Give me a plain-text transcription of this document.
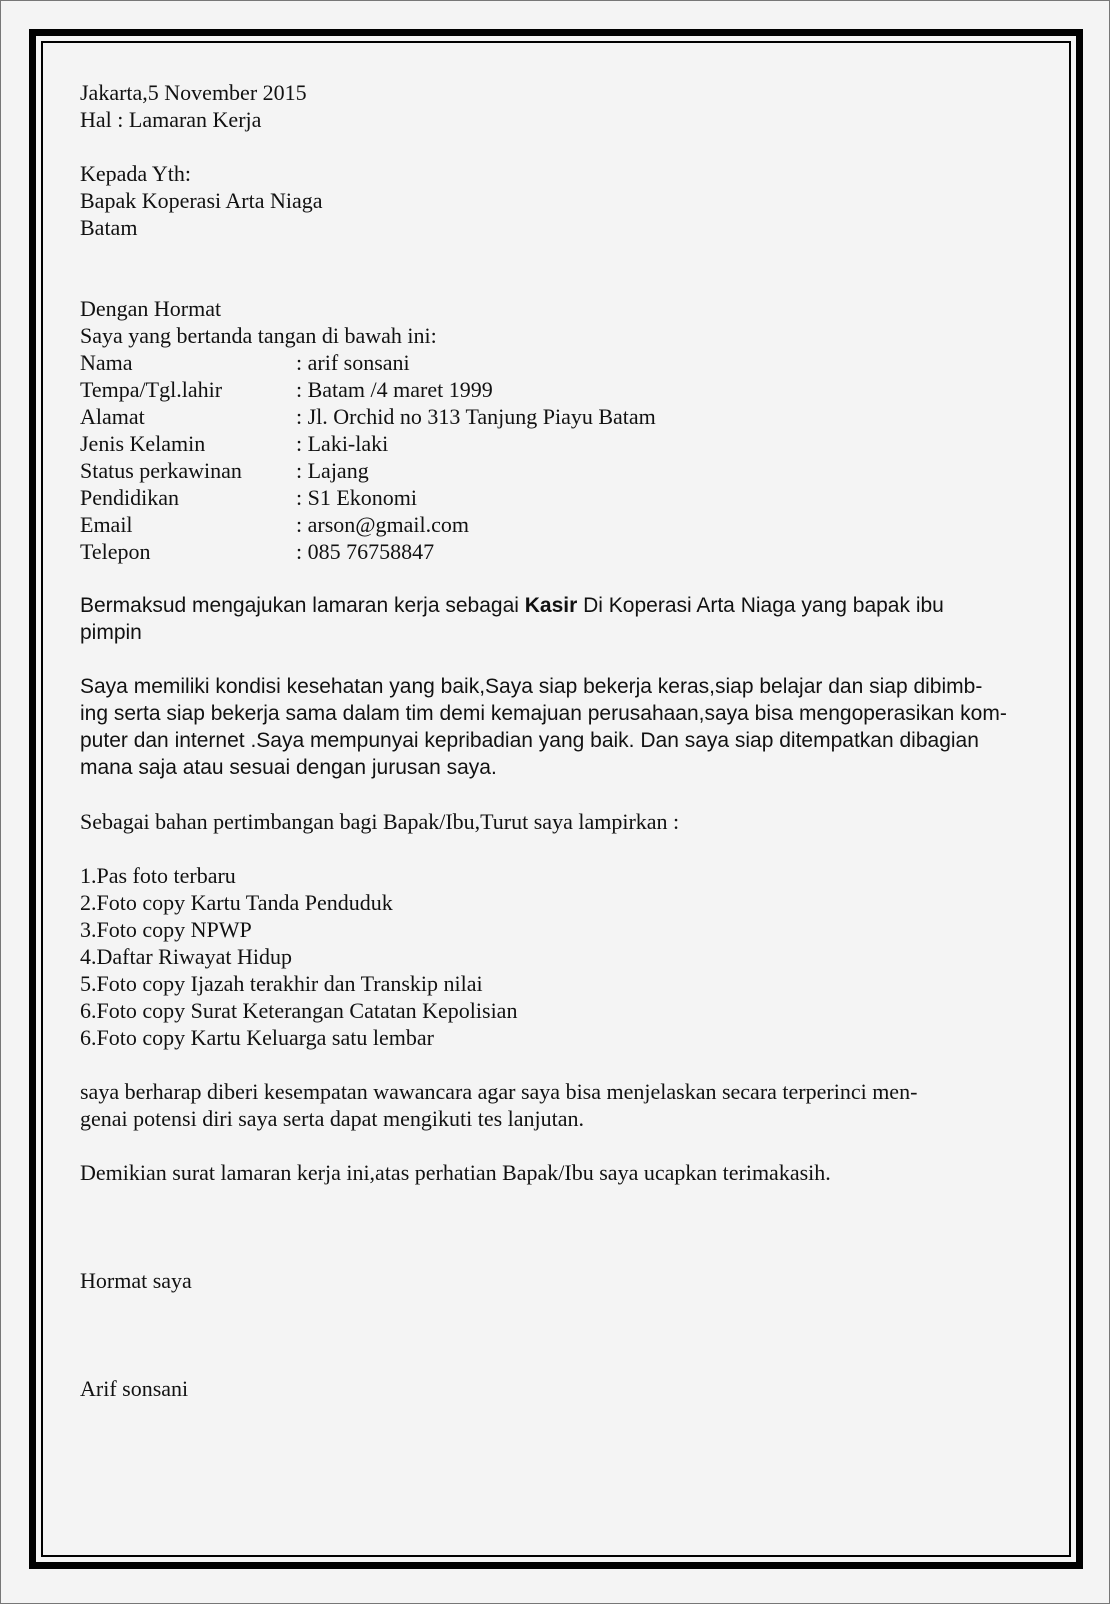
Jakarta,5 November 2015
Hal : Lamaran Kerja
Kepada Yth:
Bapak Koperasi Arta Niaga
Batam
Dengan Hormat
Saya yang bertanda tangan di bawah ini:
Nama	: arif sonsani
Tempa/Tgl.lahir	: Batam /4 maret 1999
Alamat	: Jl. Orchid no 313 Tanjung Piayu Batam
Jenis Kelamin	: Laki-laki
Status perkawinan	: Lajang
Pendidikan	: S1 Ekonomi
Email	: arson@gmail.com
Telepon	: 085 76758847
Bermaksud mengajukan lamaran kerja sebagai Kasir Di Koperasi Arta Niaga yang bapak ibu pimpin
Saya memiliki kondisi kesehatan yang baik,Saya siap bekerja keras,siap belajar dan siap dibimb-
ing serta siap bekerja sama dalam tim demi kemajuan perusahaan,saya bisa mengoperasikan kom-
puter dan internet .Saya mempunyai kepribadian yang baik. Dan saya siap ditempatkan dibagian
mana saja atau sesuai dengan jurusan saya.
Sebagai bahan pertimbangan bagi Bapak/Ibu,Turut saya lampirkan :
1.Pas foto terbaru
2.Foto copy Kartu Tanda Penduduk
3.Foto copy NPWP
4.Daftar Riwayat Hidup
5.Foto copy Ijazah terakhir dan Transkip nilai
6.Foto copy Surat Keterangan Catatan Kepolisian
6.Foto copy Kartu Keluarga satu lembar
saya berharap diberi kesempatan wawancara agar saya bisa menjelaskan secara terperinci men-
genai potensi diri saya serta dapat mengikuti tes lanjutan.
Demikian surat lamaran kerja ini,atas perhatian Bapak/Ibu saya ucapkan terimakasih.
Hormat saya
Arif sonsani
